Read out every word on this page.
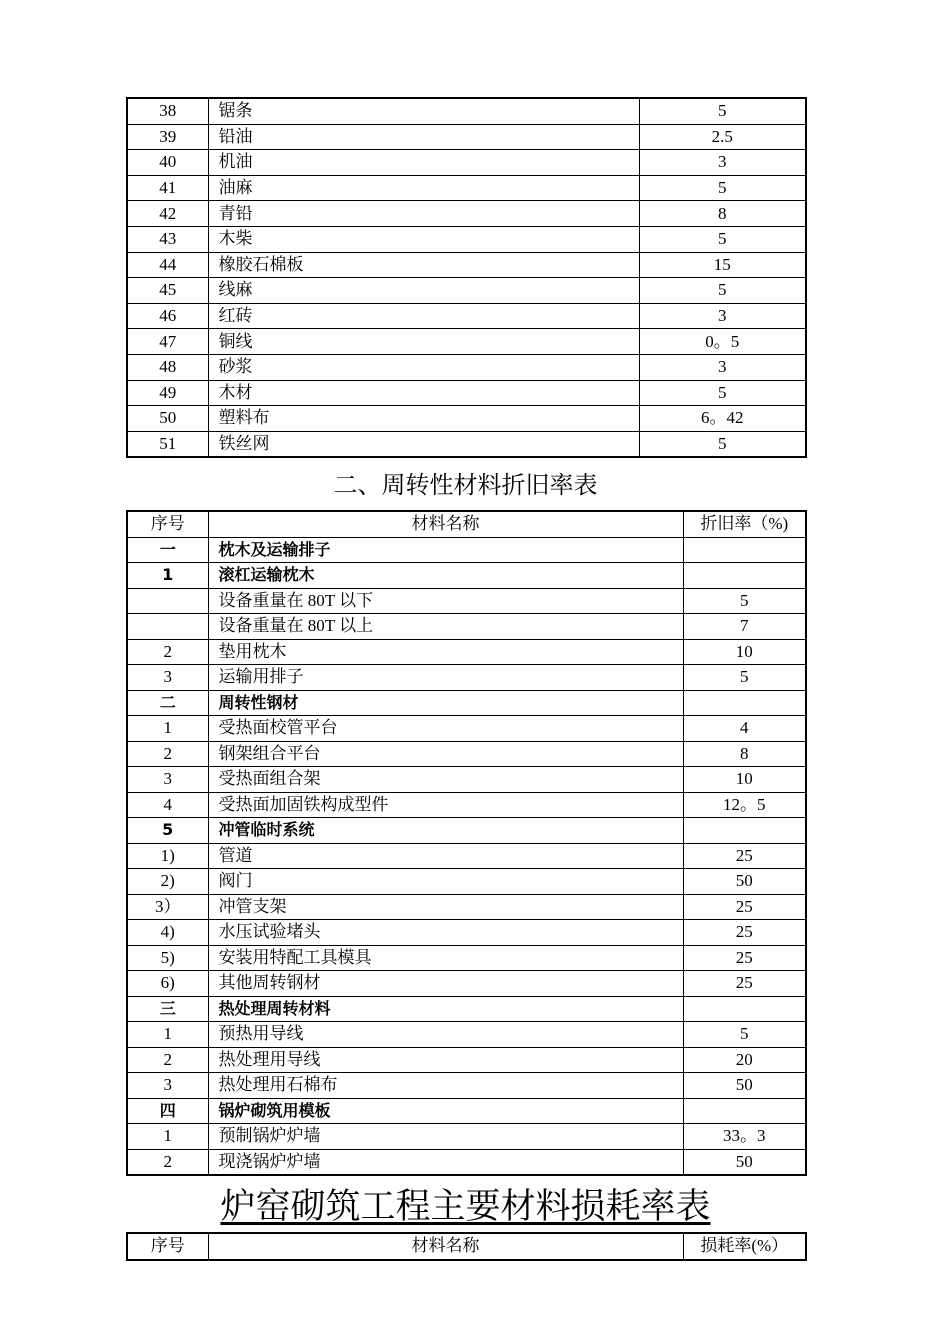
38	锯条	5
39	铅油	2.5
40	机油	3
41	油麻	5
42	青铅	8
43	木柴	5
44	橡胶石棉板	15
45	线麻	5
46	红砖	3
47	铜线	0。5
48	砂浆	3
49	木材	5
50	塑料布	6。42
51	铁丝网	5
二、周转性材料折旧率表
序号	材料名称	折旧率（%)
一	枕木及运输排子	
1	滚杠运输枕木	
	设备重量在 80T 以下	5
	设备重量在 80T 以上	7
2	垫用枕木	10
3	运输用排子	5
二	周转性钢材	
1	受热面校管平台	4
2	钢架组合平台	8
3	受热面组合架	10
4	受热面加固铁构成型件	12。5
5	冲管临时系统	
1)	管道	25
2)	阀门	50
3）	冲管支架	25
4)	水压试验堵头	25
5)	安装用特配工具模具	25
6)	其他周转钢材	25
三	热处理周转材料	
1	预热用导线	5
2	热处理用导线	20
3	热处理用石棉布	50
四	锅炉砌筑用模板	
1	预制锅炉炉墙	33。3
2	现浇锅炉炉墙	50
炉窑砌筑工程主要材料损耗率表
序号	材料名称	损耗率(%）
